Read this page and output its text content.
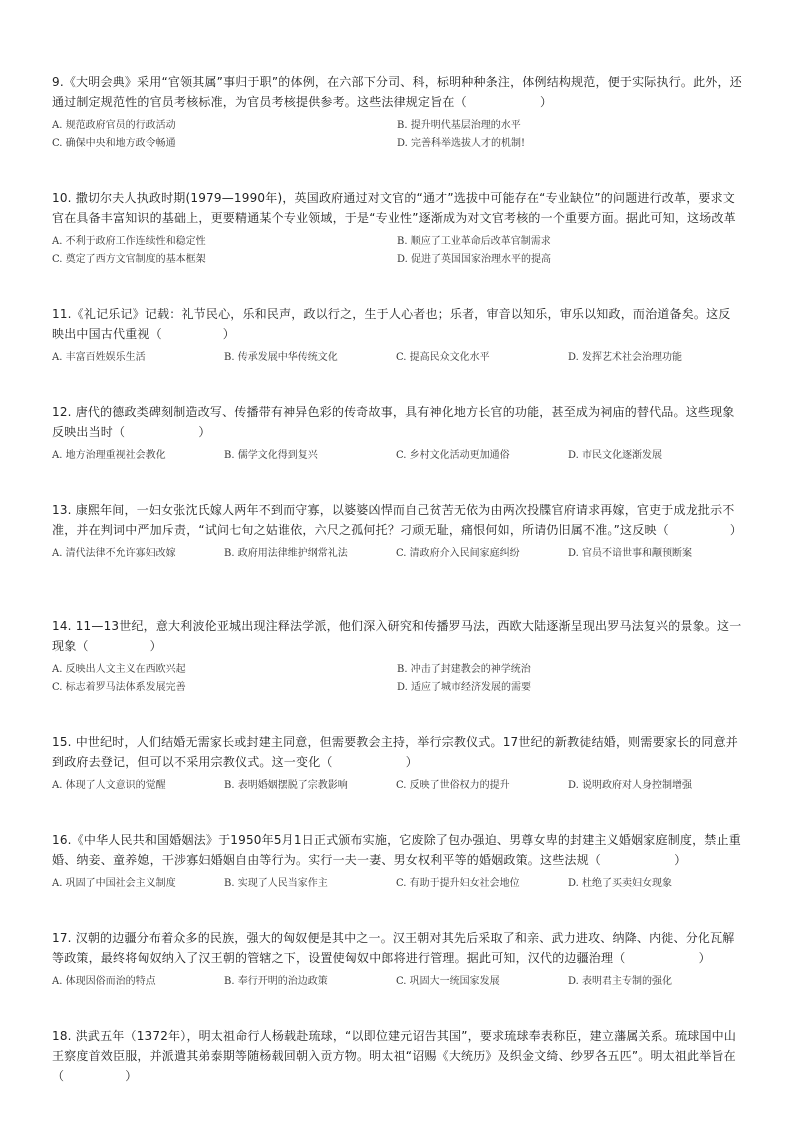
9.《大明会典》采用“官领其属”事归于职”的体例，在六部下分司、科，标明种种条注，体例结构规范，便于实际执行。此外，还通过制定规范性的官员考核标准，为官员考核提供参考。这些法律规定旨在（　　　　　　）

A. 规范政府官员的行政活动	B. 提升明代基层治理的水平
C. 确保中央和地方政令畅通	D. 完善科举选拔人才的机制!

10. 撒切尔夫人执政时期(1979—1990年)，英国政府通过对文官的“通才”选拔中可能存在“专业缺位”的问题进行改革，要求文官在具备丰富知识的基础上，更要精通某个专业领域，于是“专业性”逐渐成为对文官考核的一个重要方面。据此可知，这场改革

A. 不利于政府工作连续性和稳定性	B. 顺应了工业革命后改革官制需求
C. 奠定了西方文官制度的基本框架	D. 促进了英国国家治理水平的提高

11.《礼记乐记》记载：礼节民心，乐和民声，政以行之，生于人心者也；乐者，审音以知乐，审乐以知政，而治道备矣。这反映出中国古代重视（　　　　　）

A. 丰富百姓娱乐生活	B. 传承发展中华传统文化	C. 提高民众文化水平	D. 发挥艺术社会治理功能

12. 唐代的德政类碑刻制造改写、传播带有神异色彩的传奇故事，具有神化地方长官的功能，甚至成为祠庙的替代品。这些现象反映出当时（　　　　　　）

A. 地方治理重视社会教化	B. 儒学文化得到复兴	C. 乡村文化活动更加通俗	D. 市民文化逐渐发展

13. 康熙年间，一妇女张沈氏嫁人两年不到而守寡，以婆婆凶悍而自己贫苦无依为由两次投牒官府请求再嫁，官吏于成龙批示不准，并在判词中严加斥责，“试问七旬之姑谁依，六尺之孤何托？刁顽无耻，痛恨何如，所请仍旧属不准。”这反映（　　　　　）

A. 清代法律不允许寡妇改嫁	B. 政府用法律维护纲常礼法	C. 清政府介入民间家庭纠纷	D. 官员不谙世事和颟顸断案

14. 11—13世纪，意大利波伦亚城出现注释法学派，他们深入研究和传播罗马法，西欧大陆逐渐呈现出罗马法复兴的景象。这一现象（　　　　　）

A. 反映出人文主义在西欧兴起	B. 冲击了封建教会的神学统治
C. 标志着罗马法体系发展完善	D. 适应了城市经济发展的需要

15. 中世纪时，人们结婚无需家长或封建主同意，但需要教会主持，举行宗教仪式。17世纪的新教徒结婚，则需要家长的同意并到政府去登记，但可以不采用宗教仪式。这一变化（　　　　　　）

A. 体现了人文意识的觉醒	B. 表明婚姻摆脱了宗教影响	C. 反映了世俗权力的提升	D. 说明政府对人身控制增强

16.《中华人民共和国婚姻法》于1950年5月1日正式颁布实施，它废除了包办强迫、男尊女卑的封建主义婚姻家庭制度，禁止重婚、纳妾、童养媳，干涉寡妇婚姻自由等行为。实行一夫一妻、男女权利平等的婚姻政策。这些法规（　　　　　　）

A. 巩固了中国社会主义制度	B. 实现了人民当家作主	C. 有助于提升妇女社会地位	D. 杜绝了买卖妇女现象

17. 汉朝的边疆分布着众多的民族，强大的匈奴便是其中之一。汉王朝对其先后采取了和亲、武力进攻、纳降、内徙、分化瓦解等政策，最终将匈奴纳入了汉王朝的管辖之下，设置使匈奴中郎将进行管理。据此可知，汉代的边疆治理（　　　　　　）

A. 体现因俗而治的特点	B. 奉行开明的治边政策	C. 巩固大一统国家发展	D. 表明君主专制的强化

18. 洪武五年（1372年），明太祖命行人杨载赴琉球，“以即位建元诏告其国”，要求琉球奉表称臣，建立藩属关系。琉球国中山王察度首效臣服，并派遣其弟泰期等随杨载回朝入贡方物。明太祖“诏赐《大统历》及织金文绮、纱罗各五匹”。明太祖此举旨在（　　　　　）
